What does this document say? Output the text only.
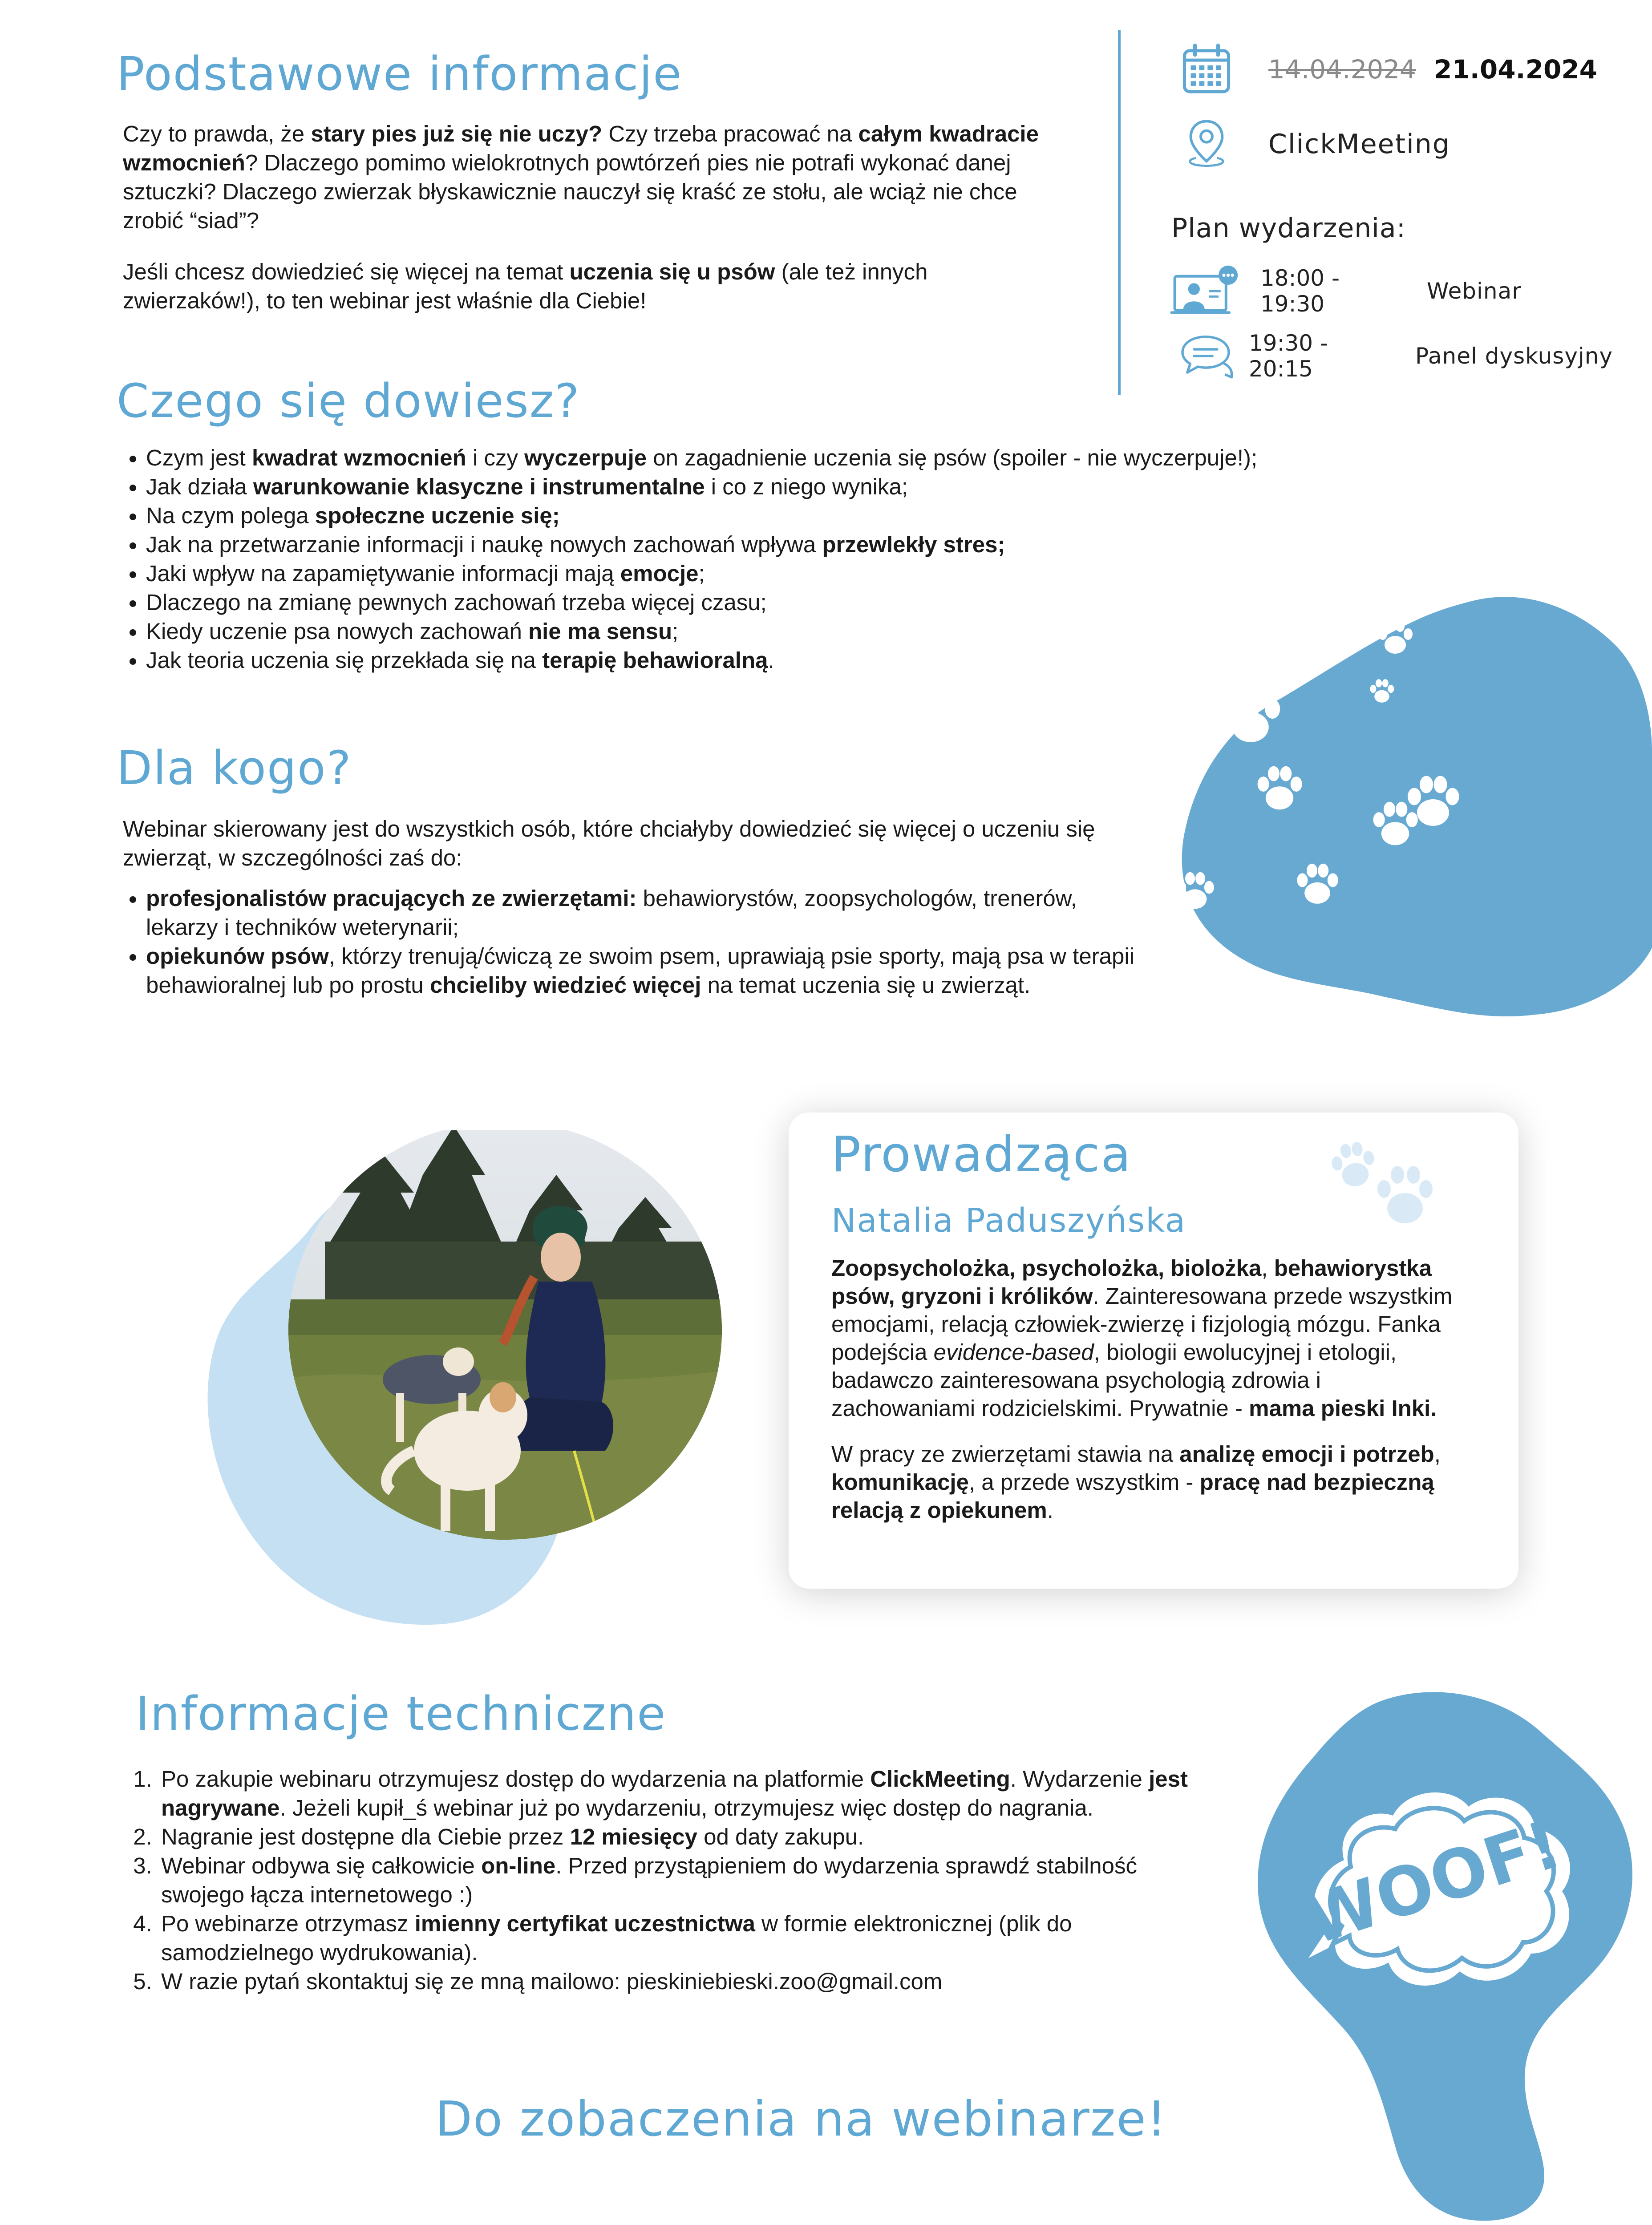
Podstawowe informacje

Czy to prawda, że stary pies już się nie uczy? Czy trzeba pracować na całym kwadracie wzmocnień? Dlaczego pomimo wielokrotnych powtórzeń pies nie potrafi wykonać danej sztuczki? Dlaczego zwierzak błyskawicznie nauczył się kraść ze stołu, ale wciąż nie chce zrobić “siad”?

Jeśli chcesz dowiedzieć się więcej na temat uczenia się u psów (ale też innych zwierzaków!), to ten webinar jest właśnie dla Ciebie!

14.04.2024 21.04.2024
ClickMeeting
Plan wydarzenia:
18:00 - 19:30	Webinar
19:30 - 20:15	Panel dyskusyjny
Czego się dowiesz?
• Czym jest kwadrat wzmocnień i czy wyczerpuje on zagadnienie uczenia się psów (spoiler - nie wyczerpuje!);
• Jak działa warunkowanie klasyczne i instrumentalne i co z niego wynika;
• Na czym polega społeczne uczenie się;
• Jak na przetwarzanie informacji i naukę nowych zachowań wpływa przewlekły stres;
• Jaki wpływ na zapamiętywanie informacji mają emocje;
• Dlaczego na zmianę pewnych zachowań trzeba więcej czasu;
• Kiedy uczenie psa nowych zachowań nie ma sensu;
• Jak teoria uczenia się przekłada się na terapię behawioralną.
Dla kogo?

Webinar skierowany jest do wszystkich osób, które chciałyby dowiedzieć się więcej o uczeniu się zwierząt, w szczególności zaś do:

• profesjonalistów pracujących ze zwierzętami: behawiorystów, zoopsychologów, trenerów, lekarzy i techników weterynarii;
• opiekunów psów, którzy trenują/ćwiczą ze swoim psem, uprawiają psie sporty, mają psa w terapii behawioralnej lub po prostu chcieliby wiedzieć więcej na temat uczenia się u zwierząt.
Prowadząca
Natalia Paduszyńska

Zoopsycholożka, psycholożka, biolożka, behawiorystka psów, gryzoni i królików. Zainteresowana przede wszystkim emocjami, relacją człowiek-zwierzę i fizjologią mózgu. Fanka podejścia evidence-based, biologii ewolucyjnej i etologii, badawczo zainteresowana psychologią zdrowia i zachowaniami rodzicielskimi. Prywatnie - mama pieski Inki.

W pracy ze zwierzętami stawia na analizę emocji i potrzeb, komunikację, a przede wszystkim - pracę nad bezpieczną relacją z opiekunem.

Informacje techniczne
1. Po zakupie webinaru otrzymujesz dostęp do wydarzenia na platformie ClickMeeting. Wydarzenie jest nagrywane. Jeżeli kupił_ś webinar już po wydarzeniu, otrzymujesz więc dostęp do nagrania.
2. Nagranie jest dostępne dla Ciebie przez 12 miesięcy od daty zakupu.
3. Webinar odbywa się całkowicie on-line. Przed przystąpieniem do wydarzenia sprawdź stabilność swojego łącza internetowego :)
4. Po webinarze otrzymasz imienny certyfikat uczestnictwa w formie elektronicznej (plik do samodzielnego wydrukowania).
5. W razie pytań skontaktuj się ze mną mailowo: pieskiniebieski.zoo@gmail.com
WOOF!
Do zobaczenia na webinarze!
